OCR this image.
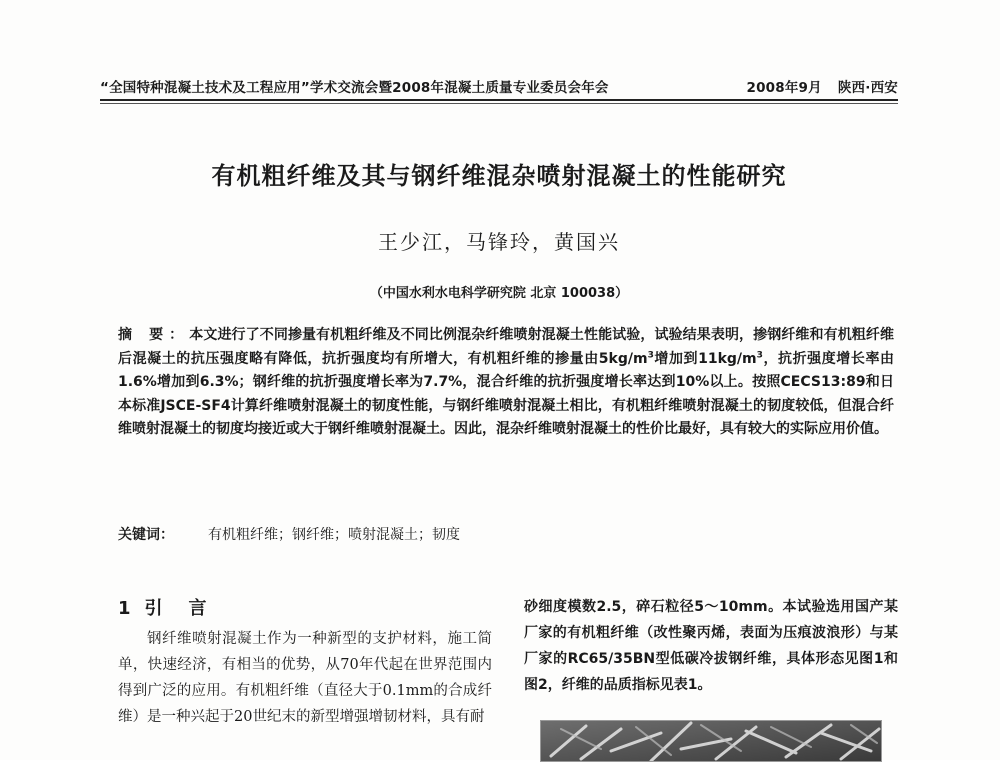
“全国特种混凝土技术及工程应用”学术交流会暨2008年混凝土质量专业委员会年会	2008年9月 陕西·西安
有机粗纤维及其与钢纤维混杂喷射混凝土的性能研究
王少江，马锋玲，黄国兴
（中国水利水电科学研究院 北京 100038）

摘 要：本文进行了不同掺量有机粗纤维及不同比例混杂纤维喷射混凝土性能试验，试验结果表明，掺钢纤维和有机粗纤维后混凝土的抗压强度略有降低，抗折强度均有所增大，有机粗纤维的掺量由$5kg/m^3$增加到$11kg/m^3$，抗折强度增长率由1.6%增加到6.3%；钢纤维的抗折强度增长率为7.7%，混合纤维的抗折强度增长率达到10%以上。按照CECS13:89和日本标准JSCE-SF4计算纤维喷射混凝土的韧度性能，与钢纤维喷射混凝土相比，有机粗纤维喷射混凝土的韧度较低，但混合纤维喷射混凝土的韧度均接近或大于钢纤维喷射混凝土。因此，混杂纤维喷射混凝土的性价比最好，具有较大的实际应用价值。

关键词： 有机粗纤维；钢纤维；喷射混凝土；韧度

1 引言

钢纤维喷射混凝土作为一种新型的支护材料，施工简单，快速经济，有相当的优势，从70年代起在世界范围内得到广泛的应用。有机粗纤维（直径大于0.1mm的合成纤维）是一种兴起于20世纪末的新型增强增韧材料，具有耐

砂细度模数2.5，碎石粒径5～10mm。本试验选用国产某厂家的有机粗纤维（改性聚丙烯，表面为压痕波浪形）与某厂家的RC65/35BN型低碳冷拔钢纤维，具体形态见图1和图2，纤维的品质指标见表1。
